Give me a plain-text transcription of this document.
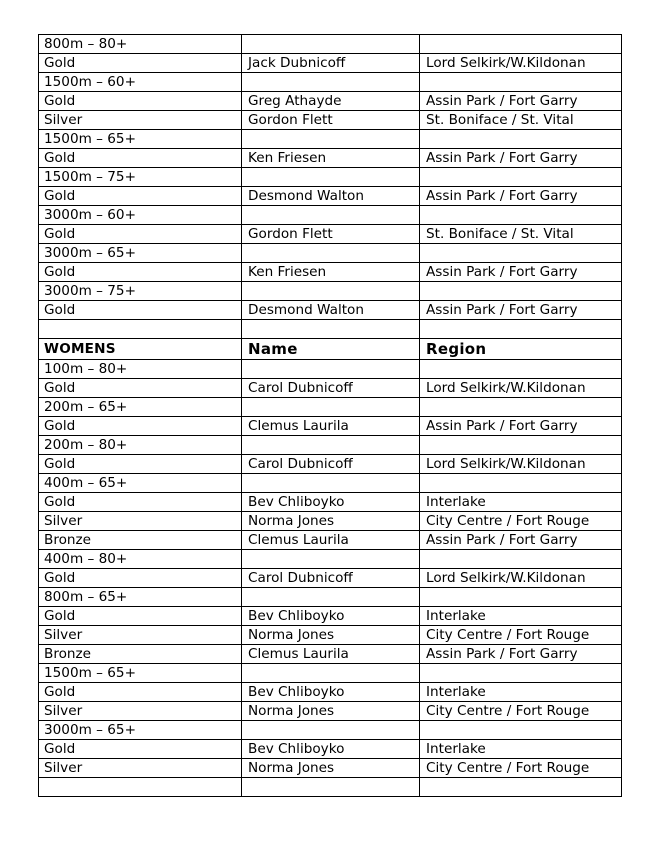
800m – 80+		
Gold	Jack Dubnicoff	Lord Selkirk/W.Kildonan
1500m – 60+		
Gold	Greg Athayde	Assin Park / Fort Garry
Silver	Gordon Flett	St. Boniface / St. Vital
1500m – 65+		
Gold	Ken Friesen	Assin Park / Fort Garry
1500m – 75+		
Gold	Desmond Walton	Assin Park / Fort Garry
3000m – 60+		
Gold	Gordon Flett	St. Boniface / St. Vital
3000m – 65+		
Gold	Ken Friesen	Assin Park / Fort Garry
3000m – 75+		
Gold	Desmond Walton	Assin Park / Fort Garry

WOMENS	Name	Region
100m – 80+		
Gold	Carol Dubnicoff	Lord Selkirk/W.Kildonan
200m – 65+		
Gold	Clemus Laurila	Assin Park / Fort Garry
200m – 80+		
Gold	Carol Dubnicoff	Lord Selkirk/W.Kildonan
400m – 65+		
Gold	Bev Chliboyko	Interlake
Silver	Norma Jones	City Centre / Fort Rouge
Bronze	Clemus Laurila	Assin Park / Fort Garry
400m – 80+		
Gold	Carol Dubnicoff	Lord Selkirk/W.Kildonan
800m – 65+		
Gold	Bev Chliboyko	Interlake
Silver	Norma Jones	City Centre / Fort Rouge
Bronze	Clemus Laurila	Assin Park / Fort Garry
1500m – 65+		
Gold	Bev Chliboyko	Interlake
Silver	Norma Jones	City Centre / Fort Rouge
3000m – 65+		
Gold	Bev Chliboyko	Interlake
Silver	Norma Jones	City Centre / Fort Rouge
